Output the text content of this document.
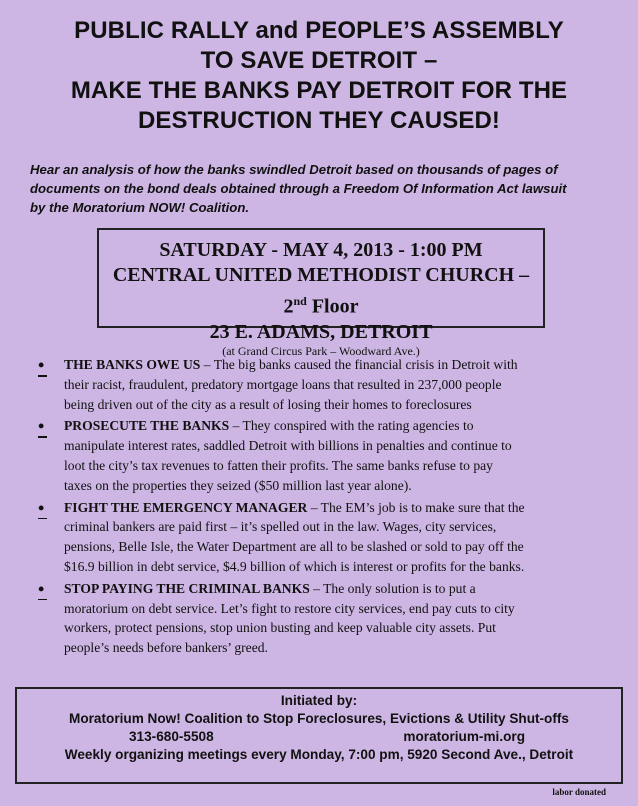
PUBLIC RALLY and PEOPLE’S ASSEMBLY
TO SAVE DETROIT –
MAKE THE BANKS PAY DETROIT FOR THE
DESTRUCTION THEY CAUSED!
Hear an analysis of how the banks swindled Detroit based on thousands of pages of
documents on the bond deals obtained through a Freedom Of Information Act lawsuit
by the Moratorium NOW! Coalition.
SATURDAY - MAY 4, 2013 - 1:00 PM
CENTRAL UNITED METHODIST CHURCH – 2nd Floor
23 E. ADAMS, DETROIT
(at Grand Circus Park – Woodward Ave.)
• THE BANKS OWE US – The big banks caused the financial crisis in Detroit with
their racist, fraudulent, predatory mortgage loans that resulted in 237,000 people
being driven out of the city as a result of losing their homes to foreclosures
• PROSECUTE THE BANKS – They conspired with the rating agencies to
manipulate interest rates, saddled Detroit with billions in penalties and continue to
loot the city’s tax revenues to fatten their profits. The same banks refuse to pay
taxes on the properties they seized ($50 million last year alone).
• FIGHT THE EMERGENCY MANAGER – The EM’s job is to make sure that the
criminal bankers are paid first – it’s spelled out in the law. Wages, city services,
pensions, Belle Isle, the Water Department are all to be slashed or sold to pay off the
$16.9 billion in debt service, $4.9 billion of which is interest or profits for the banks.
• STOP PAYING THE CRIMINAL BANKS – The only solution is to put a
moratorium on debt service. Let’s fight to restore city services, end pay cuts to city
workers, protect pensions, stop union busting and keep valuable city assets. Put
people’s needs before bankers’ greed.
Initiated by:
Moratorium Now! Coalition to Stop Foreclosures, Evictions & Utility Shut-offs
313-680-5508	moratorium-mi.org
Weekly organizing meetings every Monday, 7:00 pm, 5920 Second Ave., Detroit
labor donated
